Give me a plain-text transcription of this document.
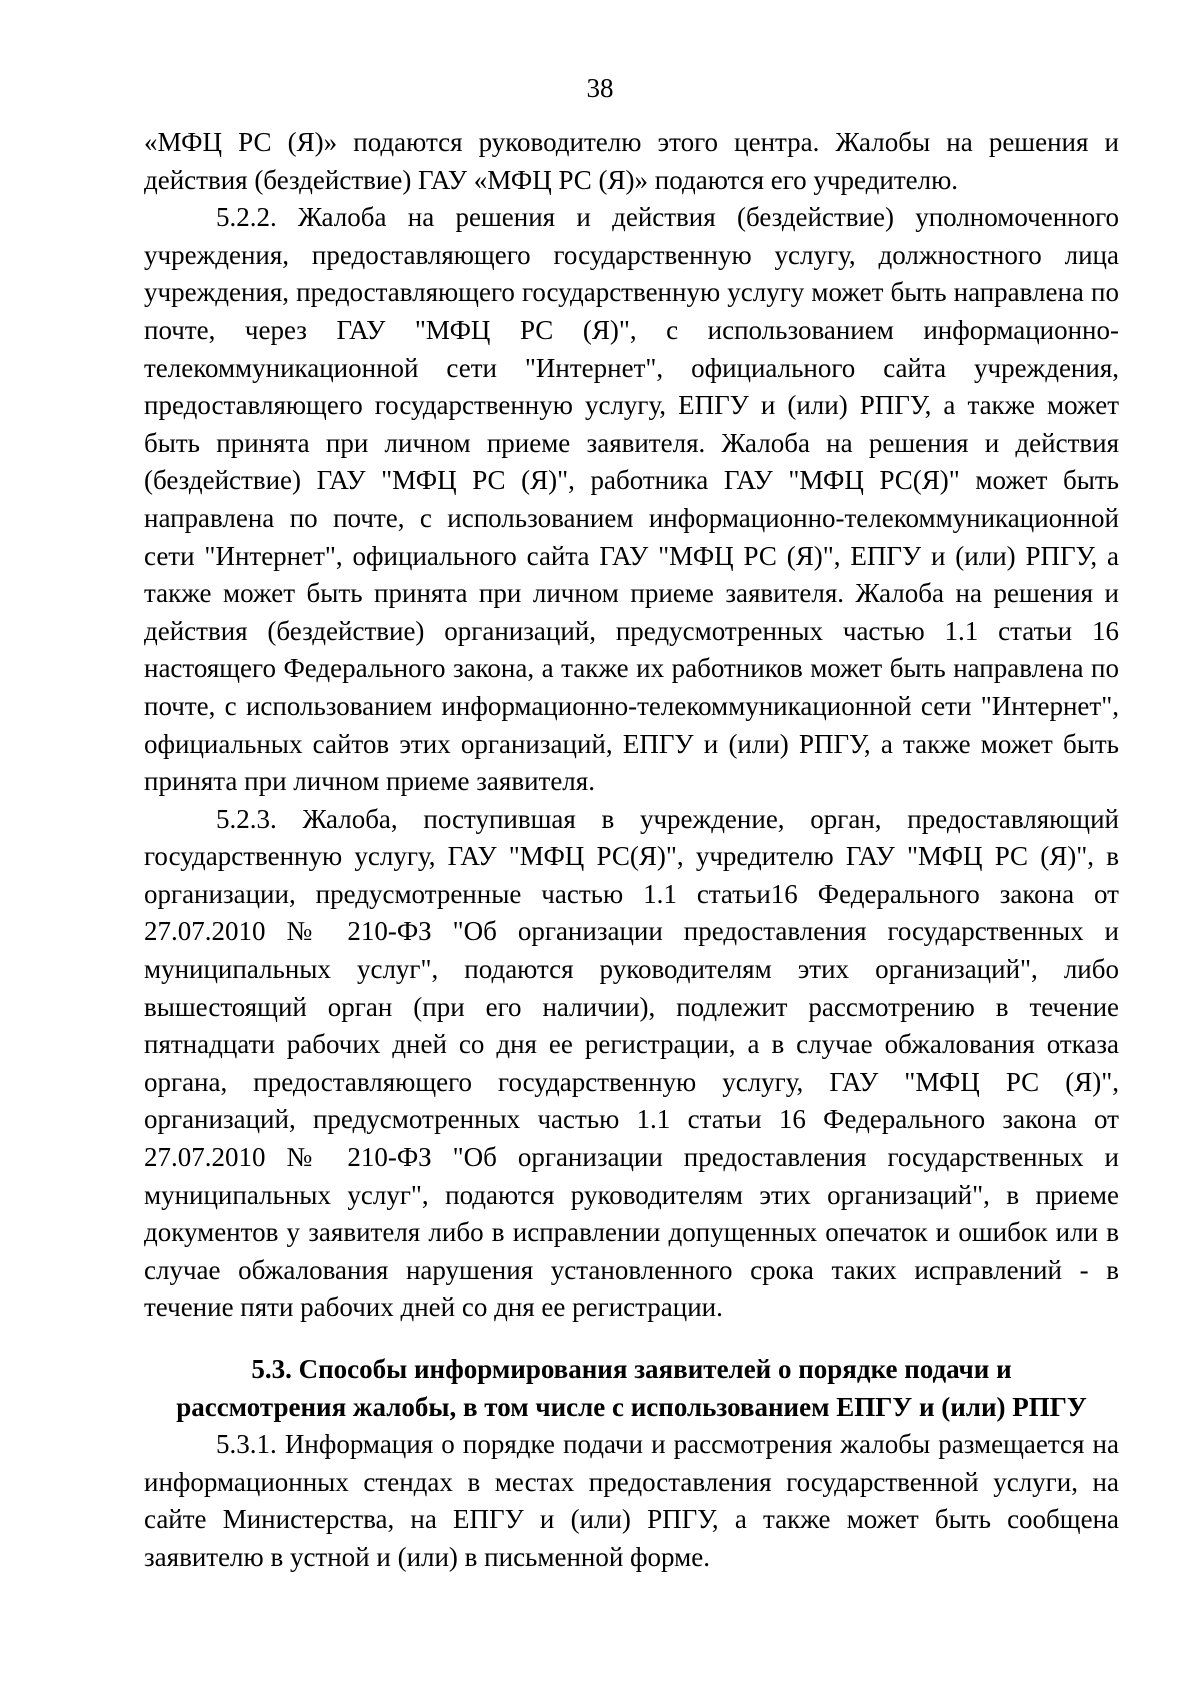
38

«МФЦ РС (Я)» подаются руководителю этого центра. Жалобы на решения и действия (бездействие) ГАУ «МФЦ РС (Я)» подаются его учредителю.

5.2.2. Жалоба на решения и действия (бездействие) уполномоченного учреждения, предоставляющего государственную услугу, должностного лица учреждения, предоставляющего государственную услугу может быть направлена по почте, через ГАУ "МФЦ РС (Я)", с использованием информационно-телекоммуникационной сети "Интернет", официального сайта учреждения, предоставляющего государственную услугу, ЕПГУ и (или) РПГУ, а также может быть принята при личном приеме заявителя. Жалоба на решения и действия (бездействие) ГАУ "МФЦ РС (Я)", работника ГАУ "МФЦ РС(Я)" может быть направлена по почте, с использованием информационно-телекоммуникационной сети "Интернет", официального сайта ГАУ "МФЦ РС (Я)", ЕПГУ и (или) РПГУ, а также может быть принята при личном приеме заявителя. Жалоба на решения и действия (бездействие) организаций, предусмотренных частью 1.1 статьи 16 настоящего Федерального закона, а также их работников может быть направлена по почте, с использованием информационно-телекоммуникационной сети "Интернет", официальных сайтов этих организаций, ЕПГУ и (или) РПГУ, а также может быть принята при личном приеме заявителя.

5.2.3. Жалоба, поступившая в учреждение, орган, предоставляющий государственную услугу, ГАУ "МФЦ РС(Я)", учредителю ГАУ "МФЦ РС (Я)", в организации, предусмотренные частью 1.1 статьи16 Федерального закона от 27.07.2010 № 210-ФЗ "Об организации предоставления государственных и муниципальных услуг", подаются руководителям этих организаций", либо вышестоящий орган (при его наличии), подлежит рассмотрению в течение пятнадцати рабочих дней со дня ее регистрации, а в случае обжалования отказа органа, предоставляющего государственную услугу, ГАУ "МФЦ РС (Я)", организаций, предусмотренных частью 1.1 статьи 16 Федерального закона от 27.07.2010 № 210-ФЗ "Об организации предоставления государственных и муниципальных услуг", подаются руководителям этих организаций", в приеме документов у заявителя либо в исправлении допущенных опечаток и ошибок или в случае обжалования нарушения установленного срока таких исправлений - в течение пяти рабочих дней со дня ее регистрации.

5.3. Способы информирования заявителей о порядке подачи и
рассмотрения жалобы, в том числе с использованием ЕПГУ и (или) РПГУ

5.3.1. Информация о порядке подачи и рассмотрения жалобы размещается на информационных стендах в местах предоставления государственной услуги, на сайте Министерства, на ЕПГУ и (или) РПГУ, а также может быть сообщена заявителю в устной и (или) в письменной форме.
